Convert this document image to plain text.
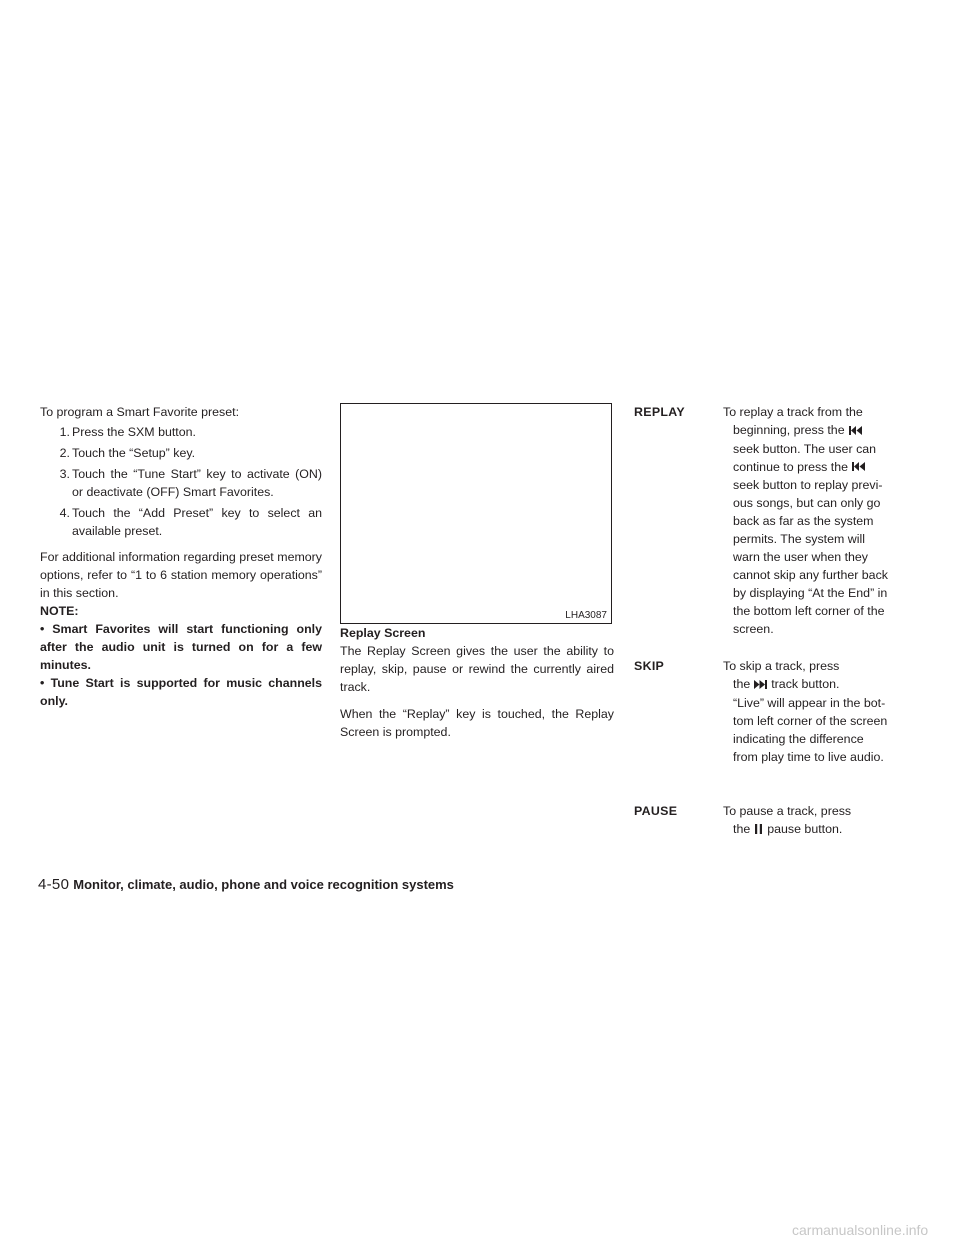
To program a Smart Favorite preset:

1. Press the SXM button.
2. Touch the “Setup” key.
3. Touch the “Tune Start” key to activate (ON) or deactivate (OFF) Smart Favorites.
4. Touch the “Add Preset” key to select an available preset.

For additional information regarding preset memory options, refer to “1 to 6 station memory operations” in this section.

NOTE:

• Smart Favorites will start functioning only after the audio unit is turned on for a few minutes.

• Tune Start is supported for music channels only.

LHA3087

Replay Screen

The Replay Screen gives the user the ability to replay, skip, pause or rewind the currently aired track.

When the “Replay” key is touched, the Replay Screen is prompted.

REPLAY	To replay a track from the
beginning, press the
seek button. The user can
continue to press the
seek button to replay previ-
ous songs, but can only go
back as far as the system
permits. The system will
warn the user when they
cannot skip any further back
by displaying “At the End” in
the bottom left corner of the
screen.
SKIP	To skip a track, press
the track button.
“Live” will appear in the bot-
tom left corner of the screen
indicating the difference
from play time to live audio.
PAUSE	To pause a track, press
the pause button.
4-50 Monitor, climate, audio, phone and voice recognition systems
carmanualsonline.info
